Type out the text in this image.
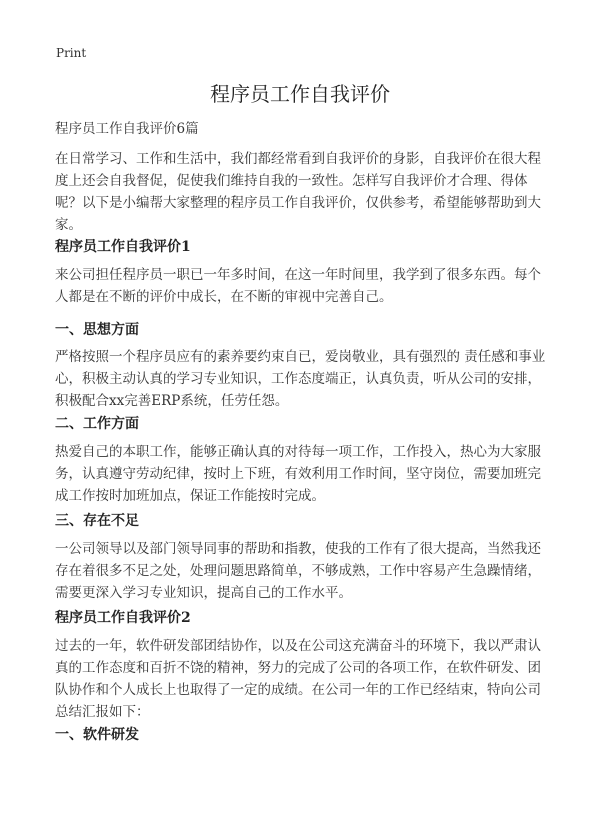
Print
程序员工作自我评价
程序员工作自我评价6篇
在日常学习、工作和生活中，我们都经常看到自我评价的身影，自我评价在很大程度上还会自我督促，促使我们维持自我的一致性。怎样写自我评价才合理、得体呢？以下是小编帮大家整理的程序员工作自我评价，仅供参考，希望能够帮助到大家。
程序员工作自我评价1
来公司担任程序员一职已一年多时间，在这一年时间里，我学到了很多东西。每个人都是在不断的评价中成长，在不断的审视中完善自己。
一、思想方面
严格按照一个程序员应有的素养要约束自已，爱岗敬业，具有强烈的 责任感和事业心，积极主动认真的学习专业知识，工作态度端正，认真负责，听从公司的安排，积极配合xx完善ERP系统，任劳任怨。
二、工作方面
热爱自己的本职工作，能够正确认真的对待每一项工作，工作投入，热心为大家服务，认真遵守劳动纪律，按时上下班，有效利用工作时间，坚守岗位，需要加班完成工作按时加班加点，保证工作能按时完成。
三、存在不足
一公司领导以及部门领导同事的帮助和指教，使我的工作有了很大提高，当然我还存在着很多不足之处，处理问题思路简单，不够成熟，工作中容易产生急躁情绪，需要更深入学习专业知识，提高自己的工作水平。
程序员工作自我评价2
过去的一年，软件研发部团结协作，以及在公司这充满奋斗的环境下，我以严肃认真的工作态度和百折不饶的精神，努力的完成了公司的各项工作，在软件研发、团队协作和个人成长上也取得了一定的成绩。在公司一年的工作已经结束，特向公司总结汇报如下：
一、软件研发
